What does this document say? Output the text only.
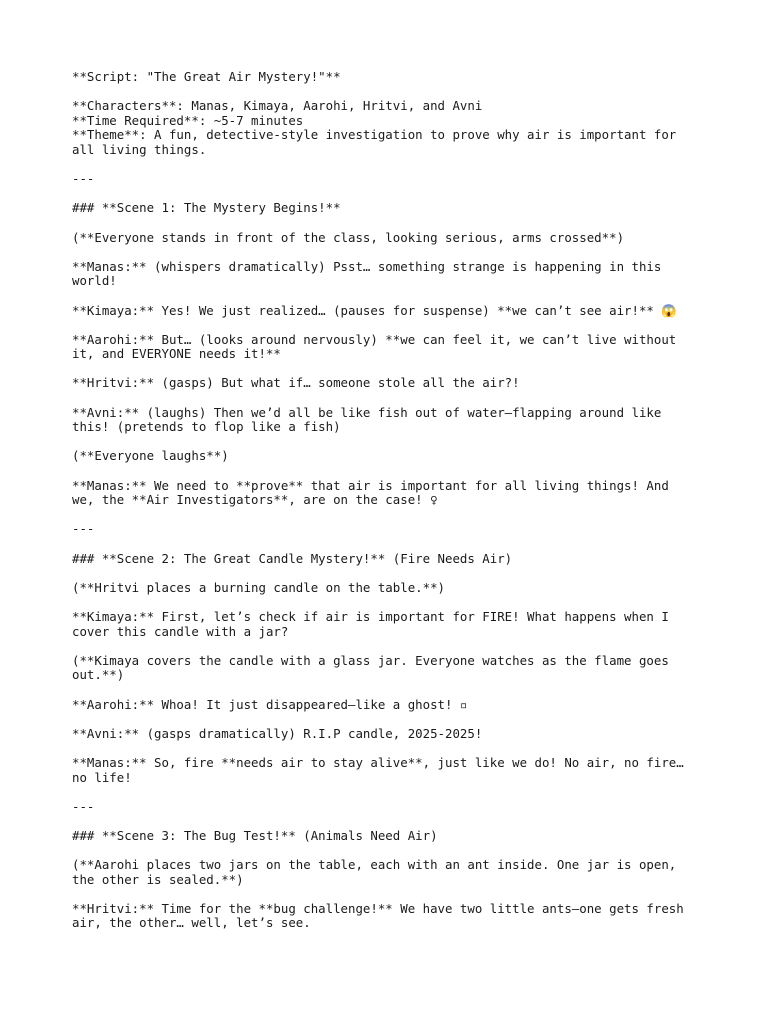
**Script: "The Great Air Mystery!"**
**Characters**: Manas, Kimaya, Aarohi, Hritvi, and Avni
**Time Required**: ~5-7 minutes
**Theme**: A fun, detective-style investigation to prove why air is important for
all living things.
---
### **Scene 1: The Mystery Begins!**
(**Everyone stands in front of the class, looking serious, arms crossed**)
**Manas:** (whispers dramatically) Psst… something strange is happening in this
world!
**Kimaya:** Yes! We just realized… (pauses for suspense) **we can’t see air!** 😱
**Aarohi:** But… (looks around nervously) **we can feel it, we can’t live without
it, and EVERYONE needs it!**
**Hritvi:** (gasps) But what if… someone stole all the air?!
**Avni:** (laughs) Then we’d all be like fish out of water—flapping around like
this! (pretends to flop like a fish)
(**Everyone laughs**)
**Manas:** We need to **prove** that air is important for all living things! And
we, the **Air Investigators**, are on the case! ♀
---
### **Scene 2: The Great Candle Mystery!** (Fire Needs Air)
(**Hritvi places a burning candle on the table.**)
**Kimaya:** First, let’s check if air is important for FIRE! What happens when I
cover this candle with a jar?
(**Kimaya covers the candle with a glass jar. Everyone watches as the flame goes
out.**)
**Aarohi:** Whoa! It just disappeared—like a ghost! ▫
**Avni:** (gasps dramatically) R.I.P candle, 2025-2025!
**Manas:** So, fire **needs air to stay alive**, just like we do! No air, no fire…
no life!
---
### **Scene 3: The Bug Test!** (Animals Need Air)
(**Aarohi places two jars on the table, each with an ant inside. One jar is open,
the other is sealed.**)
**Hritvi:** Time for the **bug challenge!** We have two little ants—one gets fresh
air, the other… well, let’s see.
